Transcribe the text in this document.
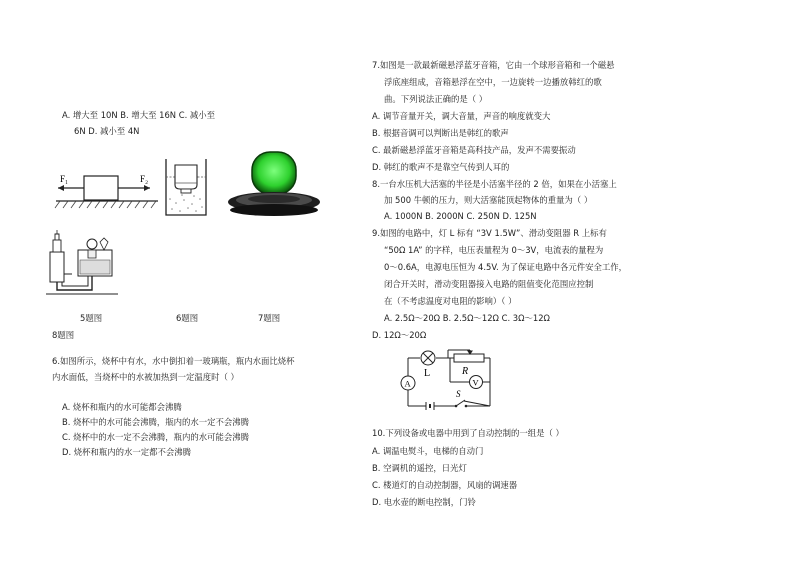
A. 增大至 10N B. 增大至 16N C. 减小至
6N D. 减小至 4N
F₁	F₂
5题图	6题图	7题图
8题图
6.如图所示，烧杯中有水，水中倒扣着一玻璃瓶，瓶内水面比烧杯
内水面低，当烧杯中的水被加热到一定温度时（ ）
A. 烧杯和瓶内的水可能都会沸腾
B. 烧杯中的水可能会沸腾，瓶内的水一定不会沸腾
C. 烧杯中的水一定不会沸腾，瓶内的水可能会沸腾
D. 烧杯和瓶内的水一定都不会沸腾
7.如图是一款最新磁悬浮蓝牙音箱，它由一个球形音箱和一个磁悬
浮底座组成，音箱悬浮在空中，一边旋转一边播放韩红的歌
曲。下列说法正确的是（ ）
A. 调节音量开关，调大音量，声音的响度就变大
B. 根据音调可以判断出是韩红的歌声
C. 最新磁悬浮蓝牙音箱是高科技产品，发声不需要振动
D. 韩红的歌声不是靠空气传到人耳的
8.一台水压机大活塞的半径是小活塞半径的 2 倍，如果在小活塞上
加 500 牛顿的压力，则大活塞能顶起物体的重量为（ ）
A. 1000N B. 2000N C. 250N D. 125N
9.如图的电路中，灯 L 标有 “3V 1.5W”、滑动变阻器 R 上标有
“50Ω 1A” 的字样，电压表量程为 0～3V，电流表的量程为
0～0.6A，电源电压恒为 4.5V. 为了保证电路中各元件安全工作，
闭合开关时，滑动变阻器接入电路的阻值变化范围应控制
在（不考虑温度对电阻的影响）（ ）
A. 2.5Ω～20Ω B. 2.5Ω～12Ω C. 3Ω～12Ω
D. 12Ω～20Ω
L	R
A	V
S
10.下列设备或电器中用到了自动控制的一组是（ ）
A. 调温电熨斗，电梯的自动门
B. 空调机的遥控，日光灯
C. 楼道灯的自动控制器，风扇的调速器
D. 电水壶的断电控制，门铃
